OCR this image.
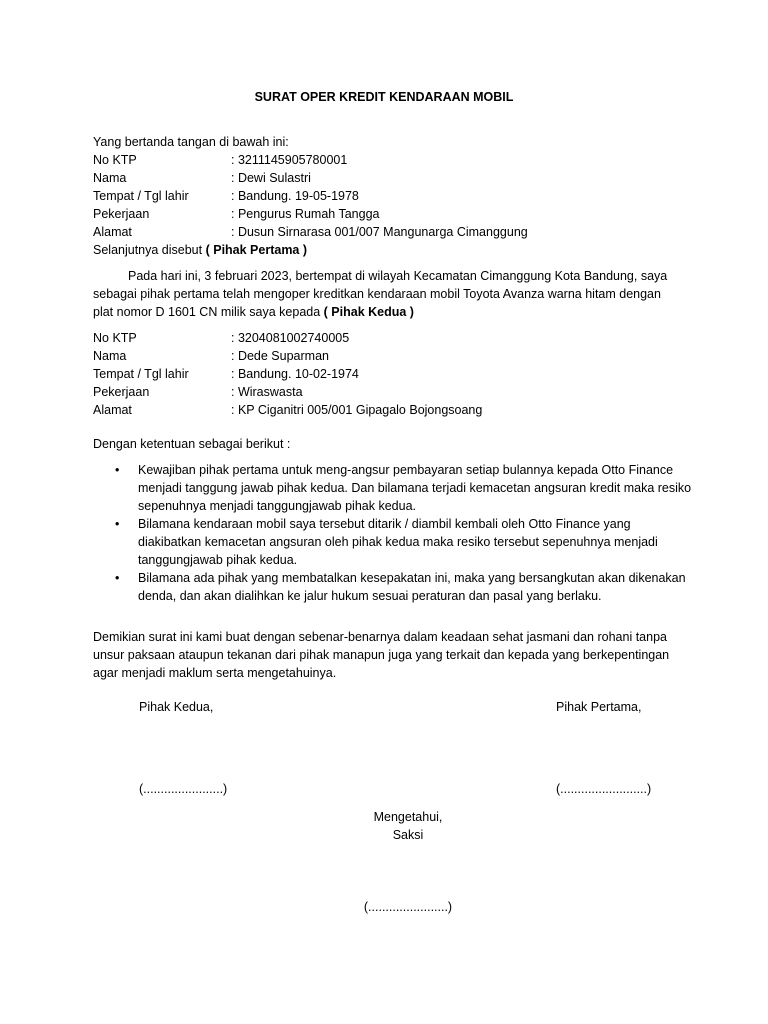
SURAT OPER KREDIT KENDARAAN MOBIL
Yang bertanda tangan di bawah ini:
No KTP	: 3211145905780001
Nama	: Dewi Sulastri
Tempat / Tgl lahir	: Bandung. 19-05-1978
Pekerjaan	: Pengurus Rumah Tangga
Alamat	: Dusun Sirnarasa 001/007 Mangunarga Cimanggung
Selanjutnya disebut ( Pihak Pertama )
Pada hari ini, 3 februari 2023, bertempat di wilayah Kecamatan Cimanggung Kota Bandung, saya sebagai pihak pertama telah mengoper kreditkan kendaraan mobil Toyota Avanza warna hitam dengan plat nomor D 1601 CN milik saya kepada ( Pihak Kedua )
No KTP	: 3204081002740005
Nama	: Dede Suparman
Tempat / Tgl lahir	: Bandung. 10-02-1974
Pekerjaan	: Wiraswasta
Alamat	: KP Ciganitri 005/001 Gipagalo Bojongsoang
Dengan ketentuan sebagai berikut :
• Kewajiban pihak pertama untuk meng-angsur pembayaran setiap bulannya kepada Otto Finance menjadi tanggung jawab pihak kedua. Dan bilamana terjadi kemacetan angsuran kredit maka resiko sepenuhnya menjadi tanggungjawab pihak kedua.
• Bilamana kendaraan mobil saya tersebut ditarik / diambil kembali oleh Otto Finance yang diakibatkan kemacetan angsuran oleh pihak kedua maka resiko tersebut sepenuhnya menjadi tanggungjawab pihak kedua.
• Bilamana ada pihak yang membatalkan kesepakatan ini, maka yang bersangkutan akan dikenakan denda, dan akan dialihkan ke jalur hukum sesuai peraturan dan pasal yang berlaku.
Demikian surat ini kami buat dengan sebenar-benarnya dalam keadaan sehat jasmani dan rohani tanpa unsur paksaan ataupun tekanan dari pihak manapun juga yang terkait dan kepada yang berkepentingan agar menjadi maklum serta mengetahuinya.
Pihak Kedua,	Pihak Pertama,
(.......................)	(.........................)
Mengetahui,
Saksi
(.......................)
